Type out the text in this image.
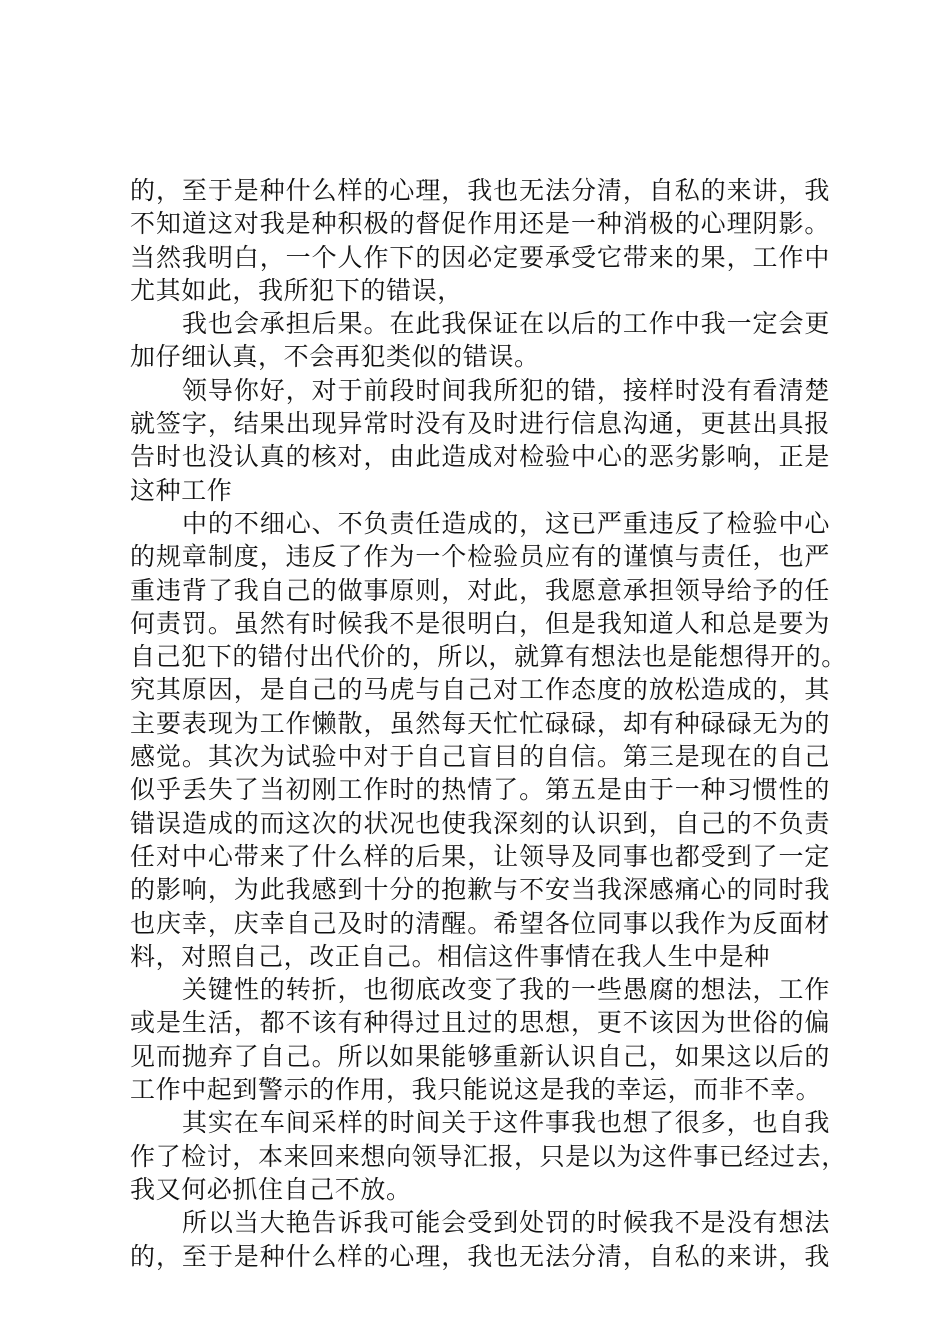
的，至于是种什么样的心理，我也无法分清，自私的来讲，我
不知道这对我是种积极的督促作用还是一种消极的心理阴影。
当然我明白，一个人作下的因必定要承受它带来的果，工作中
尤其如此，我所犯下的错误，
我也会承担后果。在此我保证在以后的工作中我一定会更
加仔细认真，不会再犯类似的错误。
领导你好，对于前段时间我所犯的错，接样时没有看清楚
就签字，结果出现异常时没有及时进行信息沟通，更甚出具报
告时也没认真的核对，由此造成对检验中心的恶劣影响，正是
这种工作
中的不细心、不负责任造成的，这已严重违反了检验中心
的规章制度，违反了作为一个检验员应有的谨慎与责任，也严
重违背了我自己的做事原则，对此，我愿意承担领导给予的任
何责罚。虽然有时候我不是很明白，但是我知道人和总是要为
自己犯下的错付出代价的，所以，就算有想法也是能想得开的。
究其原因，是自己的马虎与自己对工作态度的放松造成的，其
主要表现为工作懒散，虽然每天忙忙碌碌，却有种碌碌无为的
感觉。其次为试验中对于自己盲目的自信。第三是现在的自己
似乎丢失了当初刚工作时的热情了。第五是由于一种习惯性的
错误造成的而这次的状况也使我深刻的认识到，自己的不负责
任对中心带来了什么样的后果，让领导及同事也都受到了一定
的影响，为此我感到十分的抱歉与不安当我深感痛心的同时我
也庆幸，庆幸自己及时的清醒。希望各位同事以我作为反面材
料，对照自己，改正自己。相信这件事情在我人生中是种
关键性的转折，也彻底改变了我的一些愚腐的想法，工作
或是生活，都不该有种得过且过的思想，更不该因为世俗的偏
见而抛弃了自己。所以如果能够重新认识自己，如果这以后的
工作中起到警示的作用，我只能说这是我的幸运，而非不幸。
其实在车间采样的时间关于这件事我也想了很多，也自我
作了检讨，本来回来想向领导汇报，只是以为这件事已经过去，
我又何必抓住自己不放。
所以当大艳告诉我可能会受到处罚的时候我不是没有想法
的，至于是种什么样的心理，我也无法分清，自私的来讲，我
